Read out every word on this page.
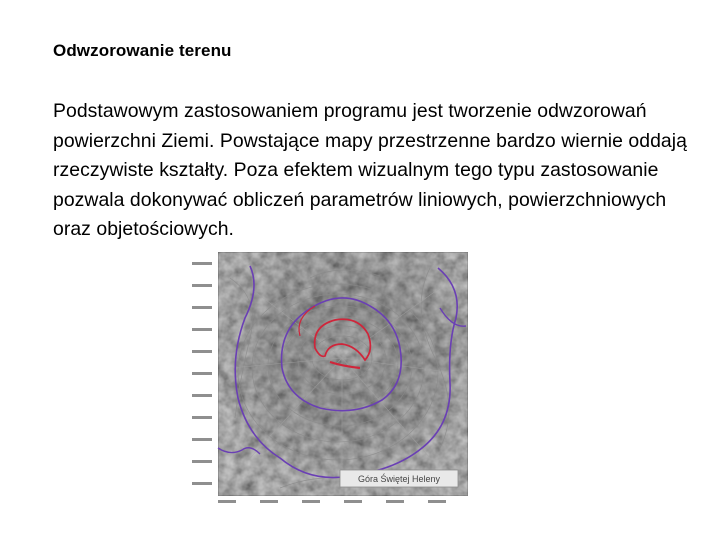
Odwzorowanie terenu
Podstawowym zastosowaniem programu jest tworzenie odwzorowań powierzchni Ziemi. Powstające mapy przestrzenne bardzo wiernie oddają rzeczywiste kształty. Poza efektem wizualnym tego typu zastosowanie pozwala dokonywać obliczeń parametrów liniowych, powierzchniowych oraz objetościowych.
Góra Świętej Heleny
